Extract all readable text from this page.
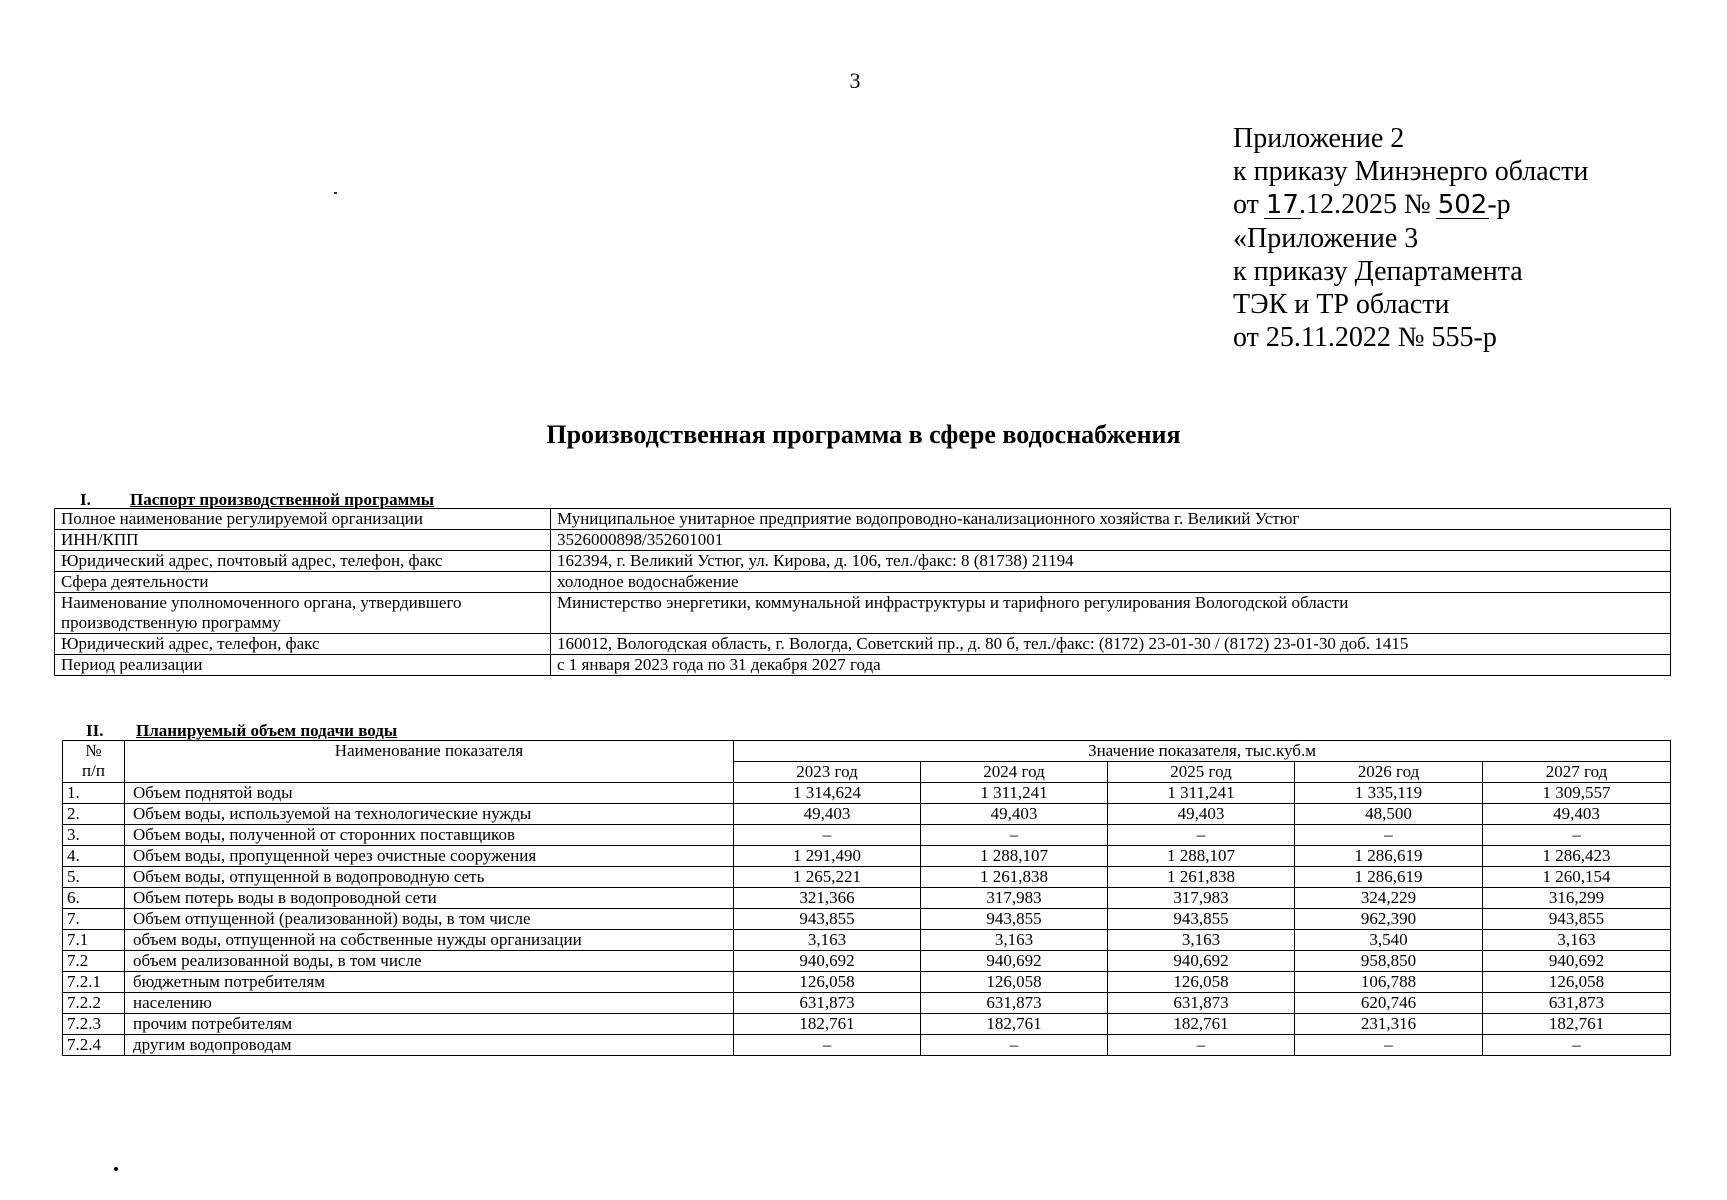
3
Приложение 2
к приказу Минэнерго области
от 17
.12.2025 № 502
-р
«Приложение 3
к приказу Департамента
ТЭК и ТР области
от 25.11.2022 № 555-р
Производственная программа в сфере водоснабжения
I. Паспорт производственной программы
Полное наименование регулируемой организации	Муниципальное унитарное предприятие водопроводно-канализационного хозяйства г. Великий Устюг
ИНН/КПП	3526000898/352601001
Юридический адрес, почтовый адрес, телефон, факс	162394, г. Великий Устюг, ул. Кирова, д. 106, тел./факс: 8 (81738) 21194
Сфера деятельности	холодное водоснабжение
Наименование уполномоченного органа, утвердившего производственную программу	Министерство энергетики, коммунальной инфраструктуры и тарифного регулирования Вологодской области
Юридический адрес, телефон, факс	160012, Вологодская область, г. Вологда, Советский пр., д. 80 б, тел./факс: (8172) 23-01-30 / (8172) 23-01-30 доб. 1415
Период реализации	с 1 января 2023 года по 31 декабря 2027 года
II. Планируемый объем подачи воды
№
п/п	Наименование показателя	Значение показателя, тыс.куб.м				
		2023 год	2024 год	2025 год	2026 год	2027 год
1.	Объем поднятой воды	1 314,624	1 311,241	1 311,241	1 335,119	1 309,557
2.	Объем воды, используемой на технологические нужды	49,403	49,403	49,403	48,500	49,403
3.	Объем воды, полученной от сторонних поставщиков	–	–	–	–	–
4.	Объем воды, пропущенной через очистные сооружения	1 291,490	1 288,107	1 288,107	1 286,619	1 286,423
5.	Объем воды, отпущенной в водопроводную сеть	1 265,221	1 261,838	1 261,838	1 286,619	1 260,154
6.	Объем потерь воды в водопроводной сети	321,366	317,983	317,983	324,229	316,299
7.	Объем отпущенной (реализованной) воды, в том числе	943,855	943,855	943,855	962,390	943,855
7.1	объем воды, отпущенной на собственные нужды организации	3,163	3,163	3,163	3,540	3,163
7.2	объем реализованной воды, в том числе	940,692	940,692	940,692	958,850	940,692
7.2.1	бюджетным потребителям	126,058	126,058	126,058	106,788	126,058
7.2.2	населению	631,873	631,873	631,873	620,746	631,873
7.2.3	прочим потребителям	182,761	182,761	182,761	231,316	182,761
7.2.4	другим водопроводам	–	–	–	–	–
